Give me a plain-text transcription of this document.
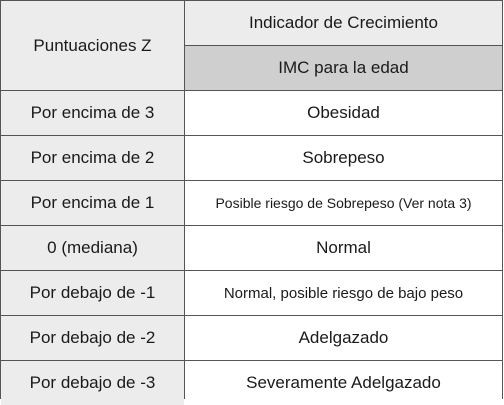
Puntuaciones Z
Indicador de Crecimiento
IMC para la edad
Por encima de 3	Obesidad
Por encima de 2	Sobrepeso
Por encima de 1	Posible riesgo de Sobrepeso (Ver nota 3)
0 (mediana)	Normal
Por debajo de -1	Normal, posible riesgo de bajo peso
Por debajo de -2	Adelgazado
Por debajo de -3	Severamente Adelgazado
